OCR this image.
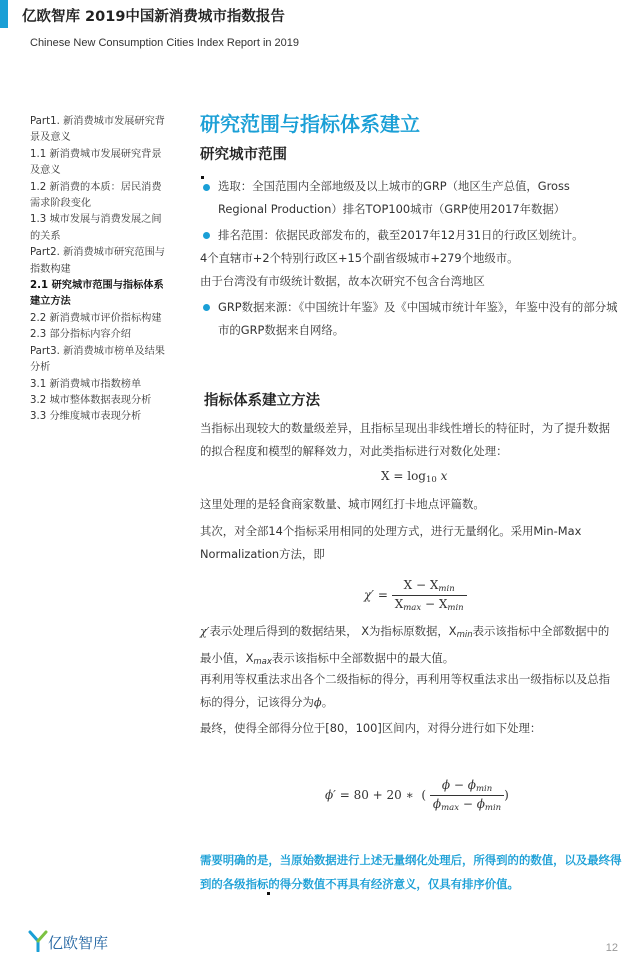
亿欧智库 2019中国新消费城市指数报告
Chinese New Consumption Cities Index Report in 2019
Part1. 新消费城市发展研究背景及意义
1.1 新消费城市发展研究背景及意义
1.2 新消费的本质：居民消费需求阶段变化
1.3 城市发展与消费发展之间的关系
Part2. 新消费城市研究范围与指数构建
2.1 研究城市范围与指标体系建立方法
2.2 新消费城市评价指标构建
2.3 部分指标内容介绍
Part3. 新消费城市榜单及结果分析
3.1 新消费城市指数榜单
3.2 城市整体数据表现分析
3.3 分维度城市表现分析
研究范围与指标体系建立
研究城市范围
选取：全国范围内全部地级及以上城市的GRP（地区生产总值，Gross Regional Production）排名TOP100城市（GRP使用2017年数据）
排名范围：依据民政部发布的，截至2017年12月31日的行政区划统计。
4个直辖市+2个特别行政区+15个副省级城市+279个地级市。
由于台湾没有市级统计数据，故本次研究不包含台湾地区
GRP数据来源：《中国统计年鉴》及《中国城市统计年鉴》，年鉴中没有的部分城市的GRP数据来自网络。
指标体系建立方法
当指标出现较大的数量级差异，且指标呈现出非线性增长的特征时，为了提升数据的拟合程度和模型的解释效力，对此类指标进行对数化处理：
$X = \log_{10} x$
这里处理的是轻食商家数量、城市网红打卡地点评篇数。
其次，对全部14个指标采用相同的处理方式，进行无量纲化。采用Min-Max Normalization方法，即
$\chi' = \frac{X - X_{min}}{X_{max} - X_{min}}$
χ′表示处理后得到的数据结果， X为指标原数据，$X_{min}$表示该指标中全部数据中的最小值，$X_{max}$表示该指标中全部数据中的最大值。
再利用等权重法求出各个二级指标的得分，再利用等权重法求出一级指标以及总指标的得分，记该得分为ϕ。
最终，使得全部得分位于[80，100]区间内，对得分进行如下处理：
ϕ′ = 80 + 20 ∗  ( $\frac{\phi - \phi_{min}}{\phi_{max} - \phi_{min}}$ )
需要明确的是，当原始数据进行上述无量纲化处理后，所得到的的数值，以及最终得到的各级指标的得分数值不再具有经济意义，仅具有排序价值。
亿欧智库	12
